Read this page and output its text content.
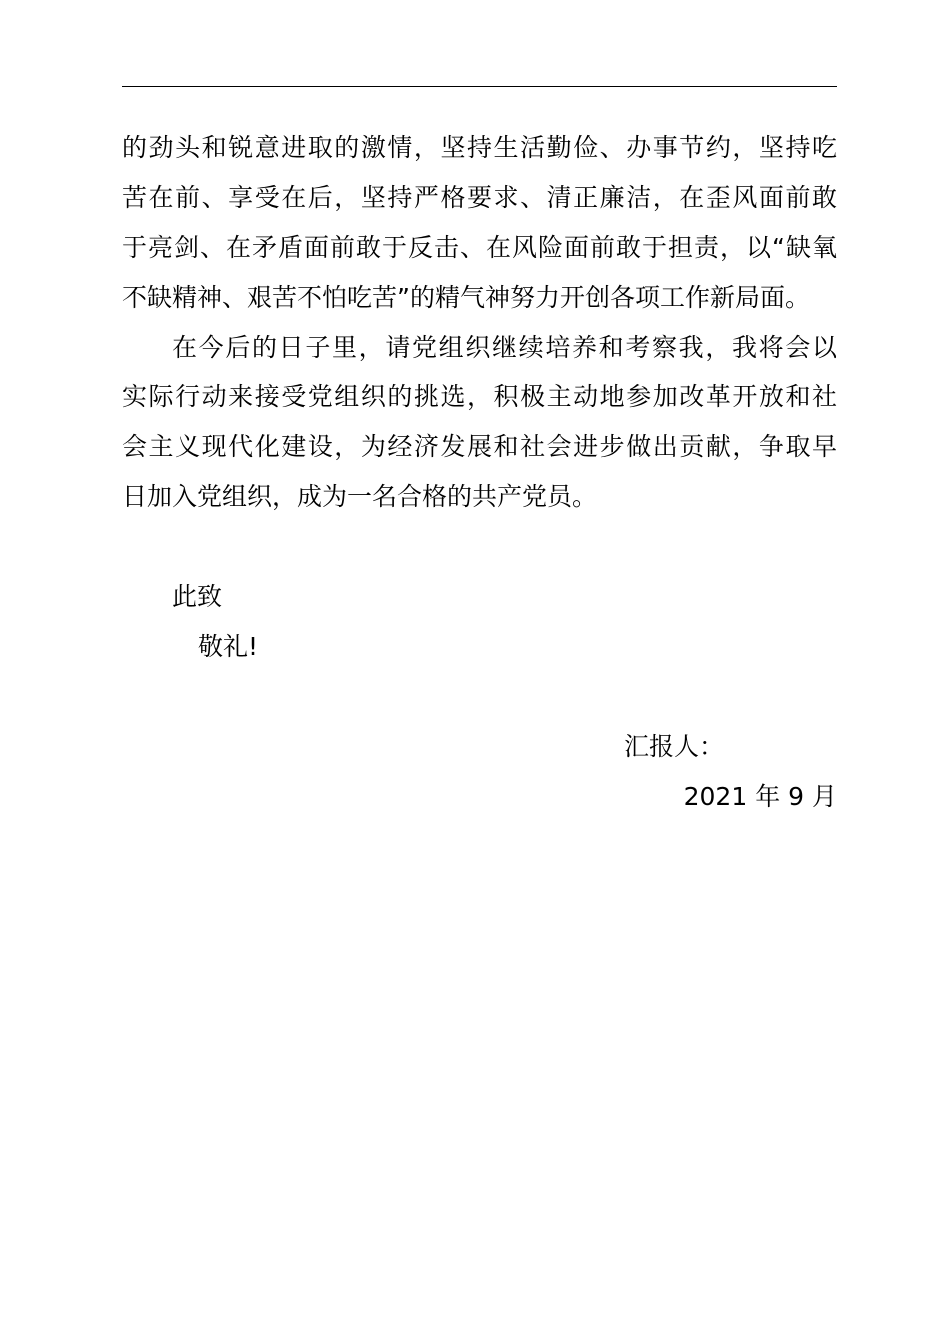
的劲头和锐意进取的激情，坚持生活勤俭、办事节约，坚持吃
苦在前、享受在后，坚持严格要求、清正廉洁，在歪风面前敢
于亮剑、在矛盾面前敢于反击、在风险面前敢于担责，以“缺氧
不缺精神、艰苦不怕吃苦”的精气神努力开创各项工作新局面。
在今后的日子里，请党组织继续培养和考察我，我将会以
实际行动来接受党组织的挑选，积极主动地参加改革开放和社
会主义现代化建设，为经济发展和社会进步做出贡献，争取早
日加入党组织，成为一名合格的共产党员。
此致
敬礼!
汇报人：
2021 年 9 月
